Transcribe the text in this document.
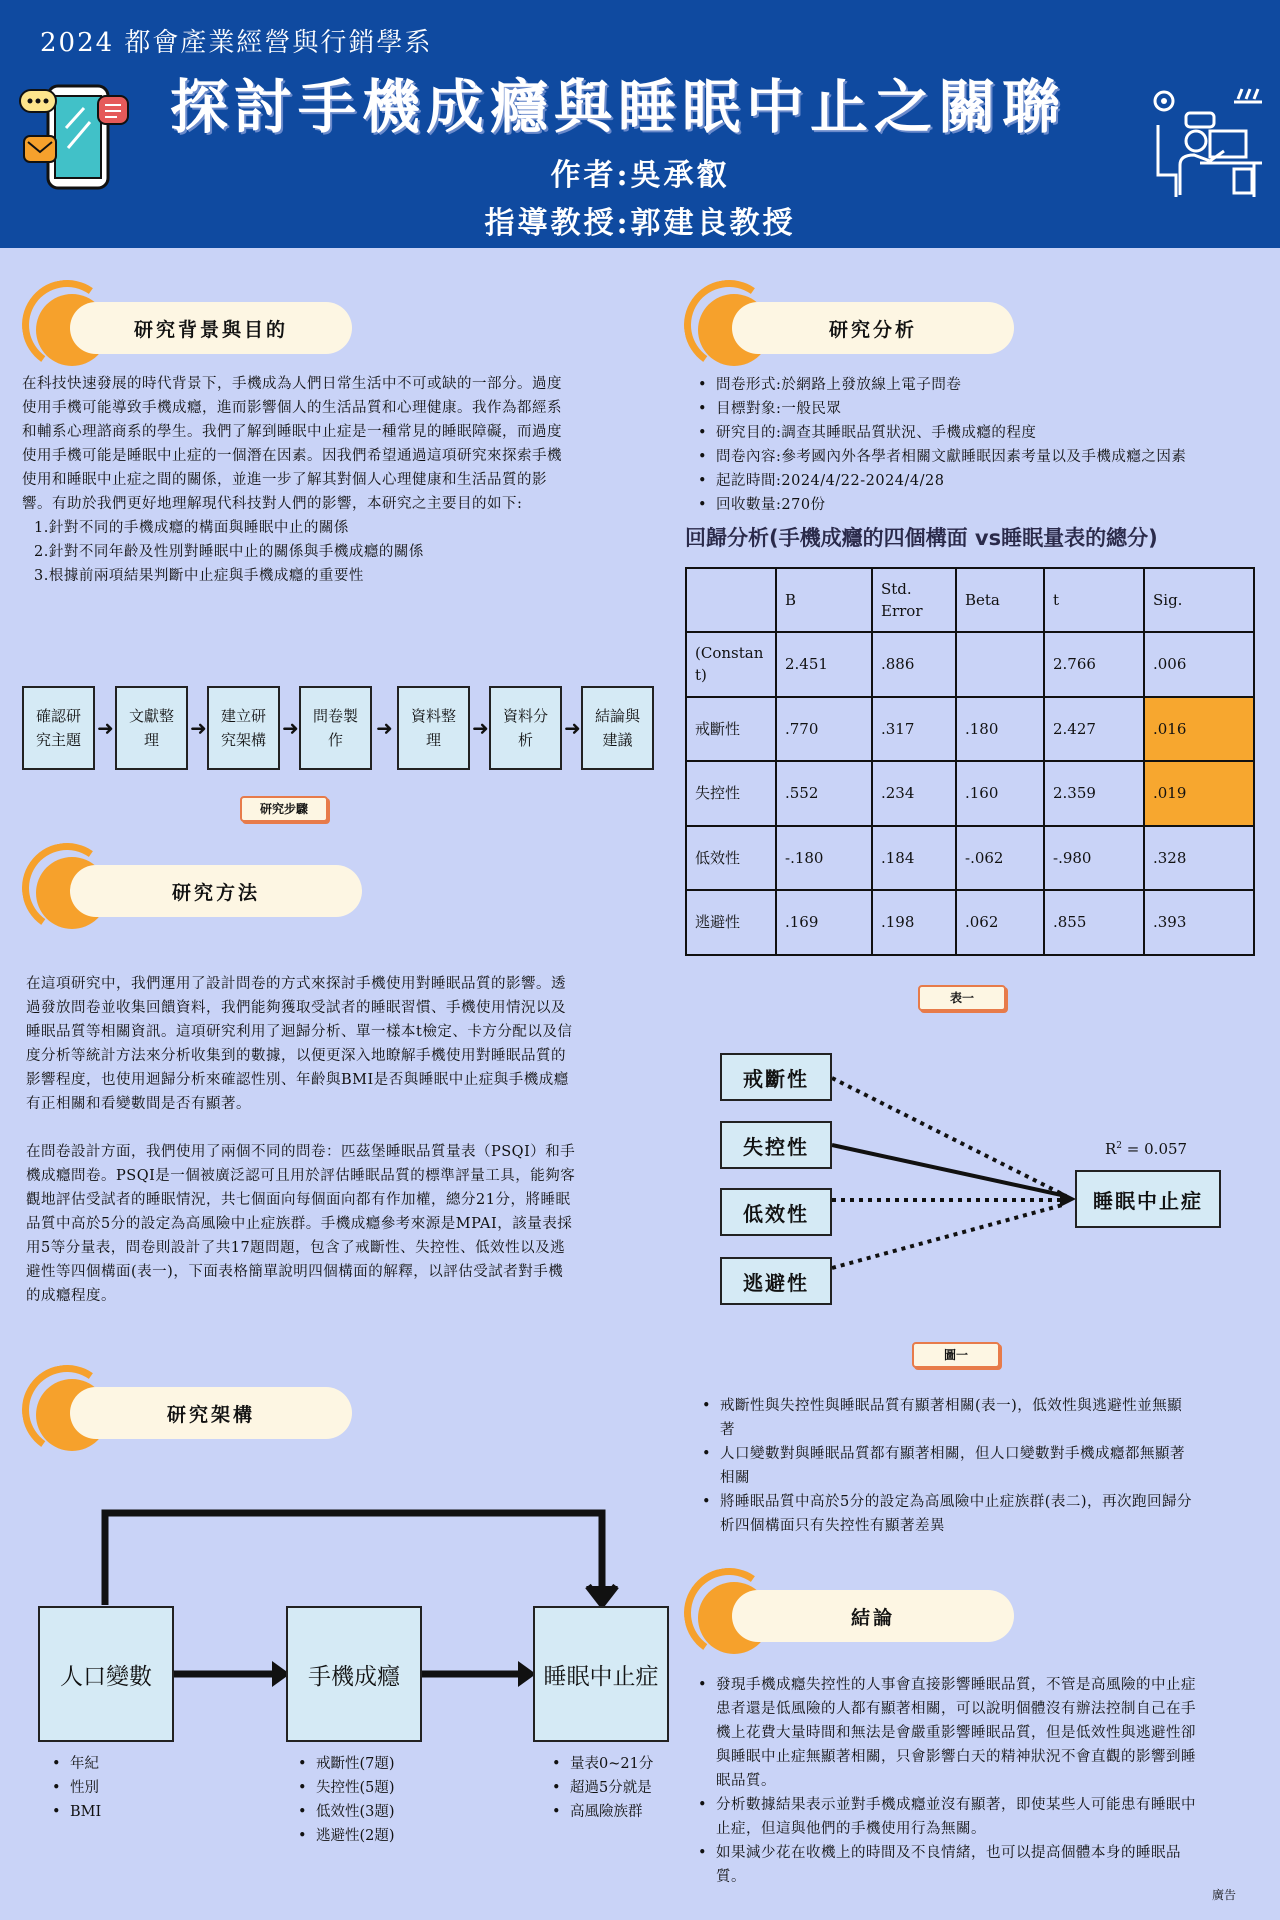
2024 都會產業經營與行銷學系
探討手機成癮與睡眠中止之關聯
作者:吳承叡
指導教授:郭建良教授
研究背景與目的

在科技快速發展的時代背景下，手機成為人們日常生活中不可或缺的一部分。過度

使用手機可能導致手機成癮，進而影響個人的生活品質和心理健康。我作為都經系

和輔系心理諮商系的學生。我們了解到睡眠中止症是一種常見的睡眠障礙，而過度

使用手機可能是睡眠中止症的一個潛在因素。因我們希望通過這項研究來探索手機

使用和睡眠中止症之間的關係，並進一步了解其對個人心理健康和生活品質的影

響。有助於我們更好地理解現代科技對人們的影響，本研究之主要目的如下:

1.針對不同的手機成癮的構面與睡眠中止的關係

2.針對不同年齡及性別對睡眠中止的關係與手機成癮的關係

3.根據前兩項結果判斷中止症與手機成癮的重要性

確認研究主題 ➜	文獻整理	➜ 建立研究架構 ➜ 問卷製作	➜	資料整理	➜ 資料分析	➜ 結論與建議
研究步驟
研究方法

在這項研究中，我們運用了設計問卷的方式來探討手機使用對睡眠品質的影響。透

過發放問卷並收集回饋資料，我們能夠獲取受試者的睡眠習慣、手機使用情況以及

睡眠品質等相關資訊。這項研究利用了迴歸分析、單一樣本t檢定、卡方分配以及信

度分析等統計方法來分析收集到的數據，以便更深入地瞭解手機使用對睡眠品質的

影響程度，也使用迴歸分析來確認性別、年齡與BMI是否與睡眠中止症與手機成癮

有正相關和看變數間是否有顯著。

在問卷設計方面，我們使用了兩個不同的問卷：匹茲堡睡眠品質量表（PSQI）和手

機成癮問卷。PSQI是一個被廣泛認可且用於評估睡眠品質的標準評量工具，能夠客

觀地評估受試者的睡眠情況，共七個面向每個面向都有作加權，總分21分，將睡眠

品質中高於5分的設定為高風險中止症族群。手機成癮參考來源是MPAI，該量表採

用5等分量表，問卷則設計了共17題問題，包含了戒斷性、失控性、低效性以及逃

避性等四個構面(表一)，下面表格簡單說明四個構面的解釋，以評估受試者對手機

的成癮程度。

研究架構
人口變數	手機成癮	睡眠中止症
• 年紀
• 性別
• BMI
• 戒斷性(7題)
• 失控性(5題)
• 低效性(3題)
• 逃避性(2題)
• 量表0~21分
• 超過5分就是
• 高風險族群
研究分析
• 問卷形式:於網路上發放線上電子問卷
• 目標對象:一般民眾
• 研究目的:調查其睡眠品質狀況、手機成癮的程度
• 問卷內容:參考國內外各學者相關文獻睡眠因素考量以及手機成癮之因素
• 起訖時間:2024/4/22-2024/4/28
• 回收數量:270份
回歸分析(手機成癮的四個構面 vs睡眠量表的總分)
	B	Std. Error	Beta	t	Sig.
(Constant)	2.451	.886		2.766	.006
戒斷性	.770	.317	.180	2.427	.016
失控性	.552	.234	.160	2.359	.019
低效性	-.180	.184	-.062	-.980	.328
逃避性	.169	.198	.062	.855	.393
表一
戒斷性
失控性
低效性
逃避性
睡眠中止症
$R^2 = 0.057$
圖一
• 戒斷性與失控性與睡眠品質有顯著相關(表一)，低效性與逃避性並無顯
著
• 人口變數對與睡眠品質都有顯著相關，但人口變數對手機成癮都無顯著
相關
• 將睡眠品質中高於5分的設定為高風險中止症族群(表二)，再次跑回歸分
析四個構面只有失控性有顯著差異
結論
• 發現手機成癮失控性的人事會直接影響睡眠品質，不管是高風險的中止症
患者還是低風險的人都有顯著相關，可以說明個體沒有辦法控制自己在手
機上花費大量時間和無法是會嚴重影響睡眠品質，但是低效性與逃避性卻
與睡眠中止症無顯著相關，只會影響白天的精神狀況不會直觀的影響到睡
眠品質。
• 分析數據結果表示並對手機成癮並沒有顯著，即使某些人可能患有睡眠中
止症，但這與他們的手機使用行為無關。
• 如果減少花在收機上的時間及不良情緒，也可以提高個體本身的睡眠品
質。
廣告
